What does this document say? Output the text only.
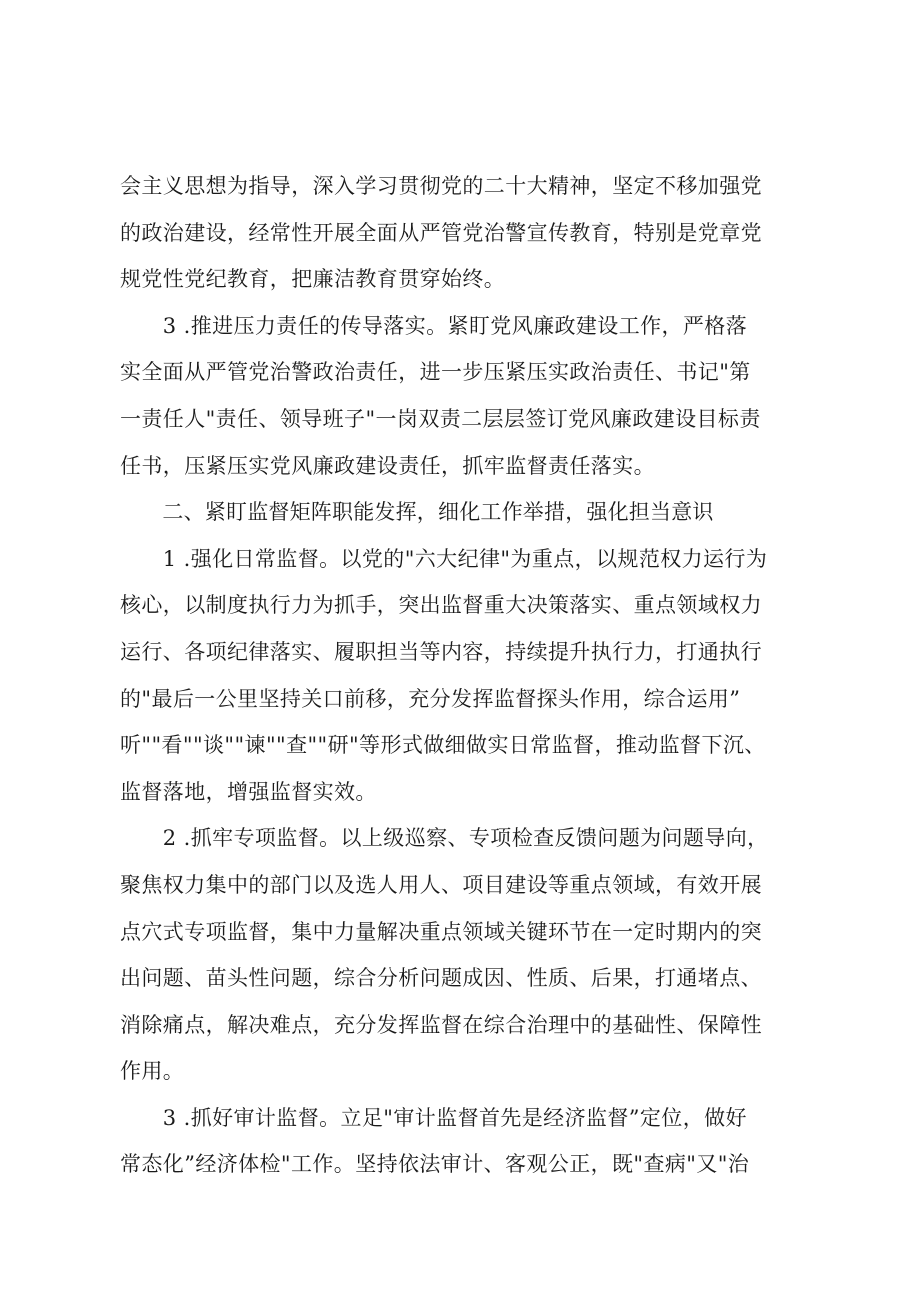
会主义思想为指导，深入学习贯彻党的二十大精神，坚定不移加强党
的政治建设，经常性开展全面从严管党治警宣传教育，特别是党章党
规党性党纪教育，把廉洁教育贯穿始终。
　　3 .推进压力责任的传导落实。紧盯党风廉政建设工作，严格落
实全面从严管党治警政治责任，进一步压紧压实政治责任、书记"第
一责任人"责任、领导班子"一岗双责二层层签订党风廉政建设目标责
任书，压紧压实党风廉政建设责任，抓牢监督责任落实。
　　二、紧盯监督矩阵职能发挥，细化工作举措，强化担当意识
　　1 .强化日常监督。以党的"六大纪律"为重点，以规范权力运行为
核心，以制度执行力为抓手，突出监督重大决策落实、重点领域权力
运行、各项纪律落实、履职担当等内容，持续提升执行力，打通执行
的"最后一公里坚持关口前移，充分发挥监督探头作用，综合运用”
听""看""谈""谏""查""研"等形式做细做实日常监督，推动监督下沉、
监督落地，增强监督实效。
　　2 .抓牢专项监督。以上级巡察、专项检查反馈问题为问题导向，
聚焦权力集中的部门以及选人用人、项目建设等重点领域，有效开展
点穴式专项监督，集中力量解决重点领域关键环节在一定时期内的突
出问题、苗头性问题，综合分析问题成因、性质、后果，打通堵点、
消除痛点，解决难点，充分发挥监督在综合治理中的基础性、保障性
作用。
　　3 .抓好审计监督。立足"审计监督首先是经济监督”定位，做好
常态化”经济体检"工作。坚持依法审计、客观公正，既"查病"又"治
